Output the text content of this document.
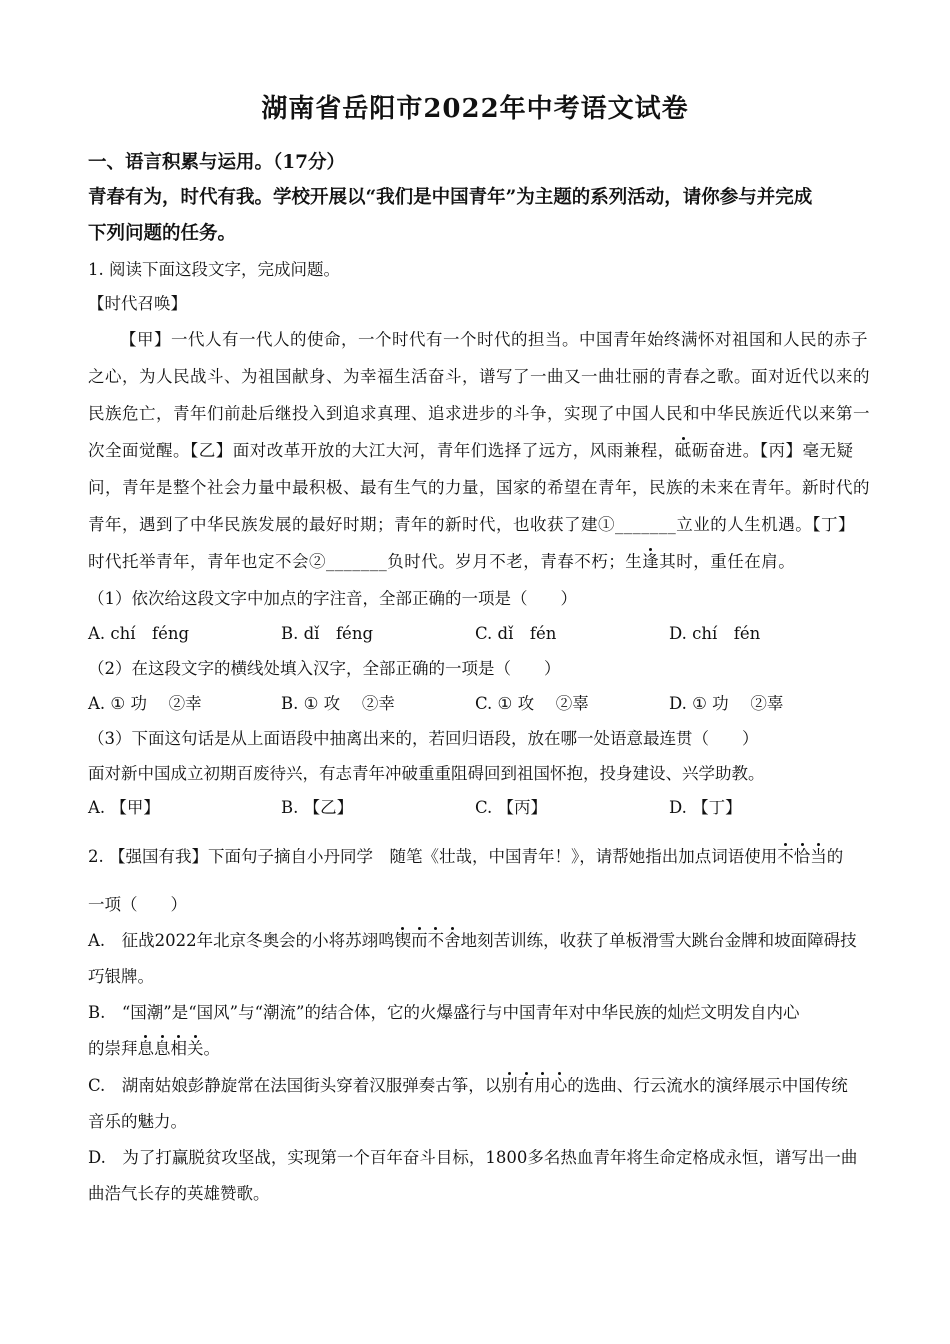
湖南省岳阳市2022年中考语文试卷
一、语言积累与运用。（17分）
青春有为，时代有我。学校开展以“我们是中国青年”为主题的系列活动，请你参与并完成
下列问题的任务。
1. 阅读下面这段文字，完成问题。
【时代召唤】
【甲】一代人有一代人的使命，一个时代有一个时代的担当。中国青年始终满怀对祖国和人民的赤子
之心，为人民战斗、为祖国献身、为幸福生活奋斗，谱写了一曲又一曲壮丽的青春之歌。面对近代以来的
民族危亡，青年们前赴后继投入到追求真理、追求进步的斗争，实现了中国人民和中华民族近代以来第一
次全面觉醒。【乙】面对改革开放的大江大河，青年们选择了远方，风雨兼程，砥砺奋进。【丙】毫无疑
问，青年是整个社会力量中最积极、最有生气的力量，国家的希望在青年，民族的未来在青年。新时代的
青年，遇到了中华民族发展的最好时期；青年的新时代，也收获了建①_______立业的人生机遇。【丁】
时代托举青年，青年也定不会②_______负时代。岁月不老，青春不朽；生逢其时，重任在肩。
（1）依次给这段文字中加点的字注音，全部正确的一项是（　　）
A. chí　féng	B. dǐ　féng	C. dǐ　fén	D. chí　fén
（2）在这段文字的横线处填入汉字，全部正确的一项是（　　）
A. ① 功　 ②幸	B. ① 攻　 ②幸	C. ① 攻　 ②辜	D. ① 功　 ②辜
（3）下面这句话是从上面语段中抽离出来的，若回归语段，放在哪一处语意最连贯（　　）
面对新中国成立初期百废待兴，有志青年冲破重重阻碍回到祖国怀抱，投身建设、兴学助教。
A. 【甲】	B. 【乙】	C. 【丙】	D. 【丁】
2. 【强国有我】下面句子摘自小丹同学　随笔《壮哉，中国青年！》，请帮她指出加点词语使用不恰当的
一项（　　）
A.　征战2022年北京冬奥会的小将苏翊鸣锲而不舍地刻苦训练，收获了单板滑雪大跳台金牌和坡面障碍技
巧银牌。
B.　“国潮”是“国风”与“潮流”的结合体，它的火爆盛行与中国青年对中华民族的灿烂文明发自内心
的崇拜息息相关。
C.　湖南姑娘彭静旋常在法国街头穿着汉服弹奏古筝，以别有用心的选曲、行云流水的演绎展示中国传统
音乐的魅力。
D.　为了打赢脱贫攻坚战，实现第一个百年奋斗目标，1800多名热血青年将生命定格成永恒，谱写出一曲
曲浩气长存的英雄赞歌。
